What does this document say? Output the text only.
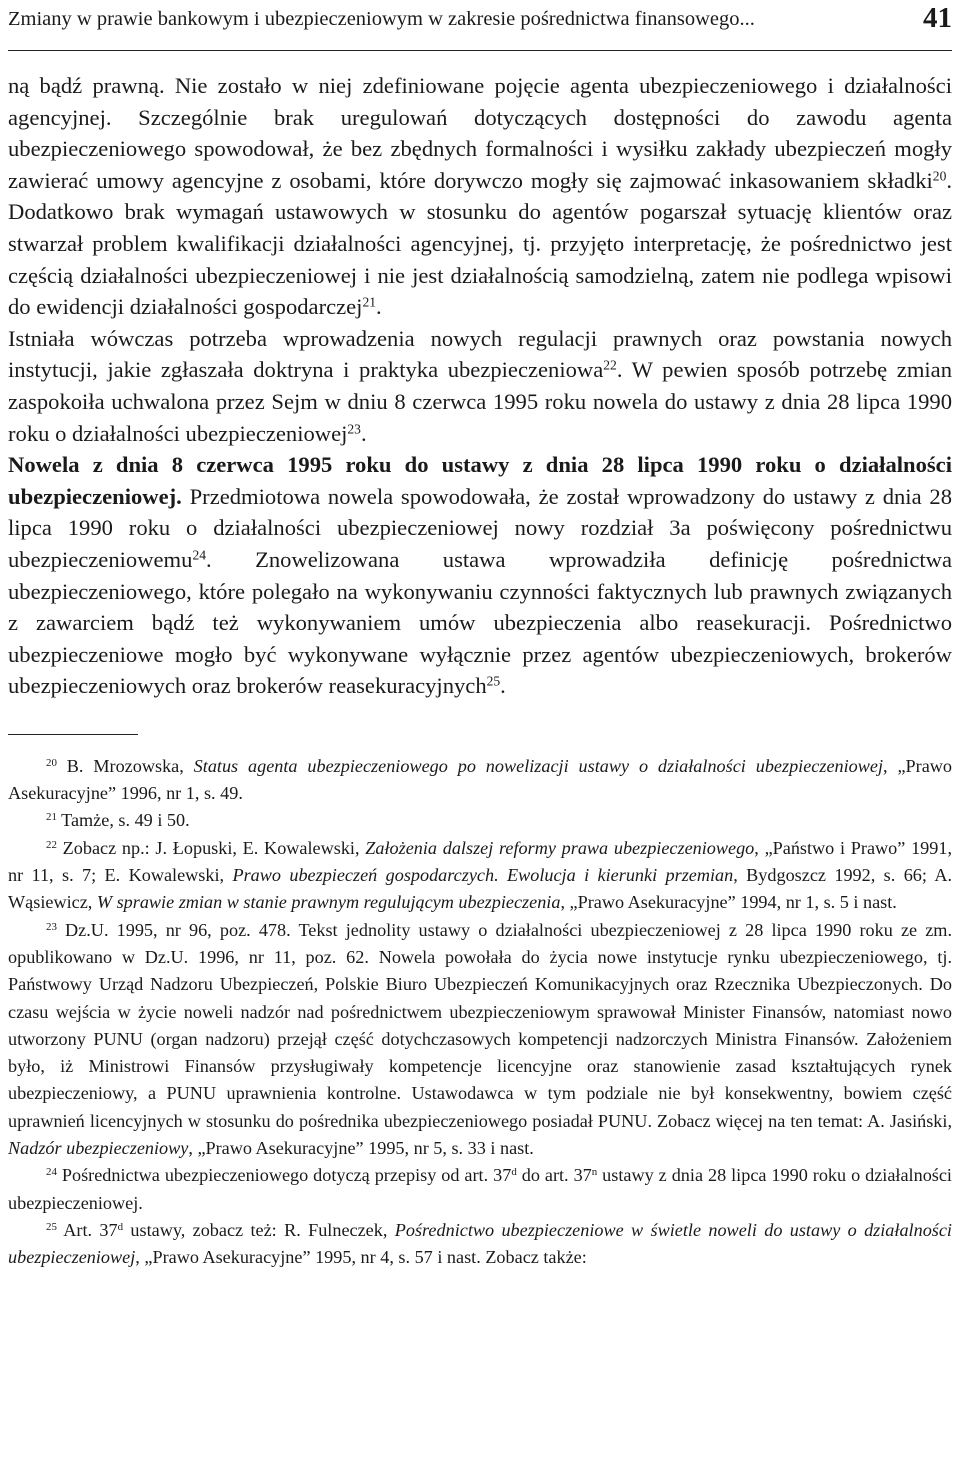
Zmiany w prawie bankowym i ubezpieczeniowym w zakresie pośrednictwa finansowego...	41

ną bądź prawną. Nie zostało w niej zdefiniowane pojęcie agenta ubezpieczeniowego i działalności agencyjnej. Szczególnie brak uregulowań dotyczących dostępności do zawodu agenta ubezpieczeniowego spowodował, że bez zbędnych formalności i wysiłku zakłady ubezpieczeń mogły zawierać umowy agencyjne z osobami, które dorywczo mogły się zajmować inkasowaniem składki$^{20}$. Dodatkowo brak wymagań ustawowych w stosunku do agentów pogarszał sytuację klientów oraz stwarzał problem kwalifikacji działalności agencyjnej, tj. przyjęto interpretację, że pośrednictwo jest częścią działalności ubezpieczeniowej i nie jest działalnością samodzielną, zatem nie podlega wpisowi do ewidencji działalności gospodarczej$^{21}$.

Istniała wówczas potrzeba wprowadzenia nowych regulacji prawnych oraz powstania nowych instytucji, jakie zgłaszała doktryna i praktyka ubezpieczeniowa$^{22}$. W pewien sposób potrzebę zmian zaspokoiła uchwalona przez Sejm w dniu 8 czerwca 1995 roku nowela do ustawy z dnia 28 lipca 1990 roku o działalności ubezpieczeniowej$^{23}$.

Nowela z dnia 8 czerwca 1995 roku do ustawy z dnia 28 lipca 1990 roku o działalności ubezpieczeniowej. Przedmiotowa nowela spowodowała, że został wprowadzony do ustawy z dnia 28 lipca 1990 roku o działalności ubezpieczeniowej nowy rozdział 3a poświęcony pośrednictwu ubezpieczeniowemu$^{24}$. Znowelizowana ustawa wprowadziła definicję pośrednictwa ubezpieczeniowego, które polegało na wykonywaniu czynności faktycznych lub prawnych związanych z zawarciem bądź też wykonywaniem umów ubezpieczenia albo reasekuracji. Pośrednictwo ubezpieczeniowe mogło być wykonywane wyłącznie przez agentów ubezpieczeniowych, brokerów ubezpieczeniowych oraz brokerów reasekuracyjnych$^{25}$.

$^{20}$ B. Mrozowska, Status agenta ubezpieczeniowego po nowelizacji ustawy o działalności ubezpieczeniowej, „Prawo Asekuracyjne” 1996, nr 1, s. 49.

$^{21}$ Tamże, s. 49 i 50.

$^{22}$ Zobacz np.: J. Łopuski, E. Kowalewski, Założenia dalszej reformy prawa ubezpieczeniowego, „Państwo i Prawo” 1991, nr 11, s. 7; E. Kowalewski, Prawo ubezpieczeń gospodarczych. Ewolucja i kierunki przemian, Bydgoszcz 1992, s. 66; A. Wąsiewicz, W sprawie zmian w stanie prawnym regulującym ubezpieczenia, „Prawo Asekuracyjne” 1994, nr 1, s. 5 i nast.

$^{23}$ Dz.U. 1995, nr 96, poz. 478. Tekst jednolity ustawy o działalności ubezpieczeniowej z 28 lipca 1990 roku ze zm. opublikowano w Dz.U. 1996, nr 11, poz. 62. Nowela powołała do życia nowe instytucje rynku ubezpieczeniowego, tj. Państwowy Urząd Nadzoru Ubezpieczeń, Polskie Biuro Ubezpieczeń Komunikacyjnych oraz Rzecznika Ubezpieczonych. Do czasu wejścia w życie noweli nadzór nad pośrednictwem ubezpieczeniowym sprawował Minister Finansów, natomiast nowo utworzony PUNU (organ nadzoru) przejął część dotychczasowych kompetencji nadzorczych Ministra Finansów. Założeniem było, iż Ministrowi Finansów przysługiwały kompetencje licencyjne oraz stanowienie zasad kształtujących rynek ubezpieczeniowy, a PUNU uprawnienia kontrolne. Ustawodawca w tym podziale nie był konsekwentny, bowiem część uprawnień licencyjnych w stosunku do pośrednika ubezpieczeniowego posiadał PUNU. Zobacz więcej na ten temat: A. Jasiński, Nadzór ubezpieczeniowy, „Prawo Asekuracyjne” 1995, nr 5, s. 33 i nast.

$^{24}$ Pośrednictwa ubezpieczeniowego dotyczą przepisy od art. 37$^d$ do art. 37$^n$ ustawy z dnia 28 lipca 1990 roku o działalności ubezpieczeniowej.

$^{25}$ Art. 37$^d$ ustawy, zobacz też: R. Fulneczek, Pośrednictwo ubezpieczeniowe w świetle noweli do ustawy o działalności ubezpieczeniowej, „Prawo Asekuracyjne” 1995, nr 4, s. 57 i nast. Zobacz także:
